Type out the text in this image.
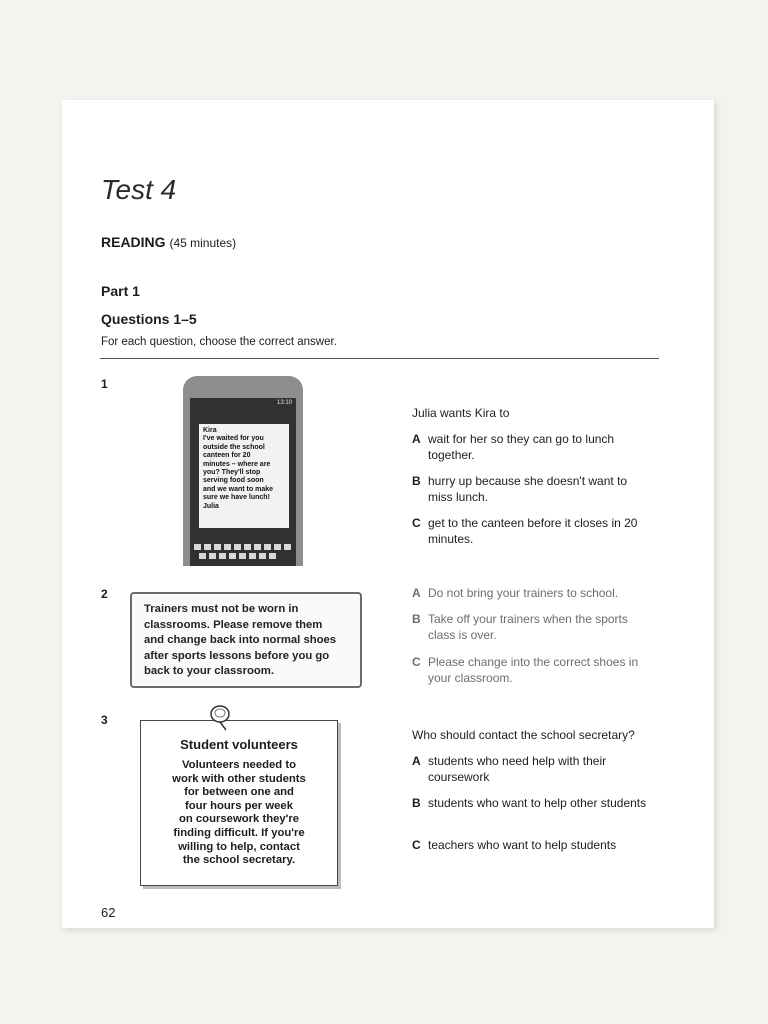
Test 4
READING (45 minutes)
Part 1
Questions 1–5
For each question, choose the correct answer.
1
13:10
Kira
I've waited for you
outside the school
canteen for 20
minutes – where are
you? They'll stop
serving food soon
and we want to make
sure we have lunch!
Julia
Julia wants Kira to
A wait for her so they can go to lunch together.
B hurry up because she doesn't want to miss lunch.
C get to the canteen before it closes in 20 minutes.
2
Trainers must not be worn in
classrooms. Please remove them
and change back into normal shoes
after sports lessons before you go
back to your classroom.
A Do not bring your trainers to school.
B Take off your trainers when the sports class is over.
C Please change into the correct shoes in your classroom.
3
Student volunteers
Volunteers needed to
work with other students
for between one and
four hours per week
on coursework they're
finding difficult. If you're
willing to help, contact
the school secretary.
Who should contact the school secretary?
A students who need help with their coursework
B students who want to help other students
C teachers who want to help students
62
